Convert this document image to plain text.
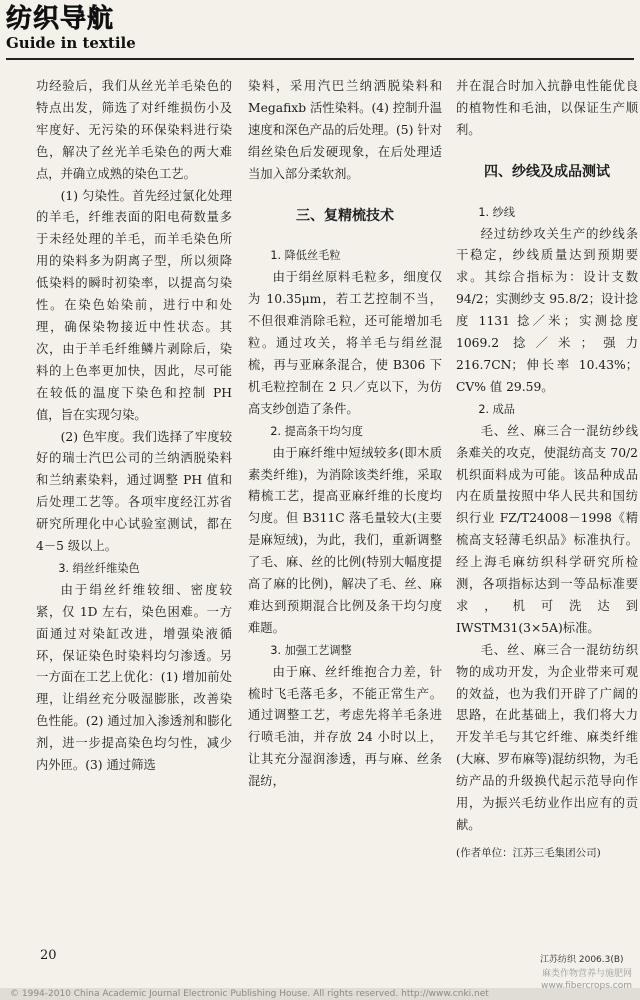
纺织导航
Guide in textile

功经验后，我们从丝光羊毛染色的特点出发，筛选了对纤维损伤小及牢度好、无污染的环保染料进行染色，解决了丝光羊毛染色的两大难点，并确立成熟的染色工艺。

(1) 匀染性。首先经过氯化处理的羊毛，纤维表面的阳电荷数量多于未经处理的羊毛，而羊毛染色所用的染料多为阴离子型，所以须降低染料的瞬时初染率，以提高匀染性。在染色始染前，进行中和处理，确保染物接近中性状态。其次，由于羊毛纤维鳞片剥除后，染料的上色率更加快，因此，尽可能在较低的温度下染色和控制 PH 值，旨在实现匀染。

(2) 色牢度。我们选择了牢度较好的瑞士汽巴公司的兰纳洒脱染料和兰纳素染料，通过调整 PH 值和后处理工艺等。各项牢度经江苏省研究所理化中心试验室测试，都在 4－5 级以上。

3. 绢丝纤维染色

由于绢丝纤维较细、密度较紧，仅 1D 左右，染色困难。一方面通过对染缸改进，增强染液循环，保证染色时染料均匀渗透。另一方面在工艺上优化：(1) 增加前处理，让绢丝充分吸湿膨胀，改善染色性能。(2) 通过加入渗透剂和膨化剂，进一步提高染色均匀性，减少内外匝。(3) 通过筛选

染料，采用汽巴兰纳洒脱染料和 Megafixb 活性染料。(4) 控制升温速度和深色产品的后处理。(5) 针对绢丝染色后发硬现象，在后处理适当加入部分柔软剂。

三、复精梳技术

1. 降低丝毛粒

由于绢丝原料毛粒多，细度仅为 10.35μm，若工艺控制不当，不但很难消除毛粒，还可能增加毛粒。通过攻关，将羊毛与绢丝混梳，再与亚麻条混合，使 B306 下机毛粒控制在 2 只／克以下，为仿高支纱创造了条件。

2. 提高条干均匀度

由于麻纤维中短绒较多(即木质素类纤维)，为消除该类纤维，采取精梳工艺，提高亚麻纤维的长度均匀度。但 B311C 落毛量较大(主要是麻短绒)，为此，我们，重新调整了毛、麻、丝的比例(特别大幅度提高了麻的比例)，解决了毛、丝、麻难达到预期混合比例及条干均匀度难题。

3. 加强工艺调整

由于麻、丝纤维抱合力差，针梳时飞毛落毛多，不能正常生产。通过调整工艺，考虑先将羊毛条进行喷毛油，并存放 24 小时以上，让其充分湿润渗透，再与麻、丝条混纺，

并在混合时加入抗静电性能优良的植物性和毛油，以保证生产顺利。

四、纱线及成品测试

1. 纱线

经过纺纱攻关生产的纱线条干稳定，纱线质量达到预期要求。其综合指标为：设计支数 94/2；实测纱支 95.8/2；设计捻度 1131 捻／米；实测捻度 1069.2 捻／米；强力 216.7CN；伸长率 10.43%；CV% 值 29.59。

2. 成品

毛、丝、麻三合一混纺纱线条难关的攻克，使混纺高支 70/2 机织面料成为可能。该品种成品内在质量按照中华人民共和国纺织行业 FZ/T24008－1998《精梳高支轻薄毛织品》标准执行。经上海毛麻纺织科学研究所检测，各项指标达到一等品标准要求，机可洗达到 IWSTM31(3×5A)标准。

毛、丝、麻三合一混纺纺织物的成功开发，为企业带来可观的效益，也为我们开辟了广阔的思路，在此基础上，我们将大力开发羊毛与其它纤维、麻类纤维(大麻、罗布麻等)混纺织物，为毛纺产品的升级换代起示范导向作用，为振兴毛纺业作出应有的贡献。

(作者单位：江苏三毛集团公司)

20	江苏纺织 2006.3(B)
© 1994-2010 China Academic Journal Electronic Publishing House. All rights reserved. http://www.cnki.net
麻类作物营养与施肥网
www.fibercrops.com
